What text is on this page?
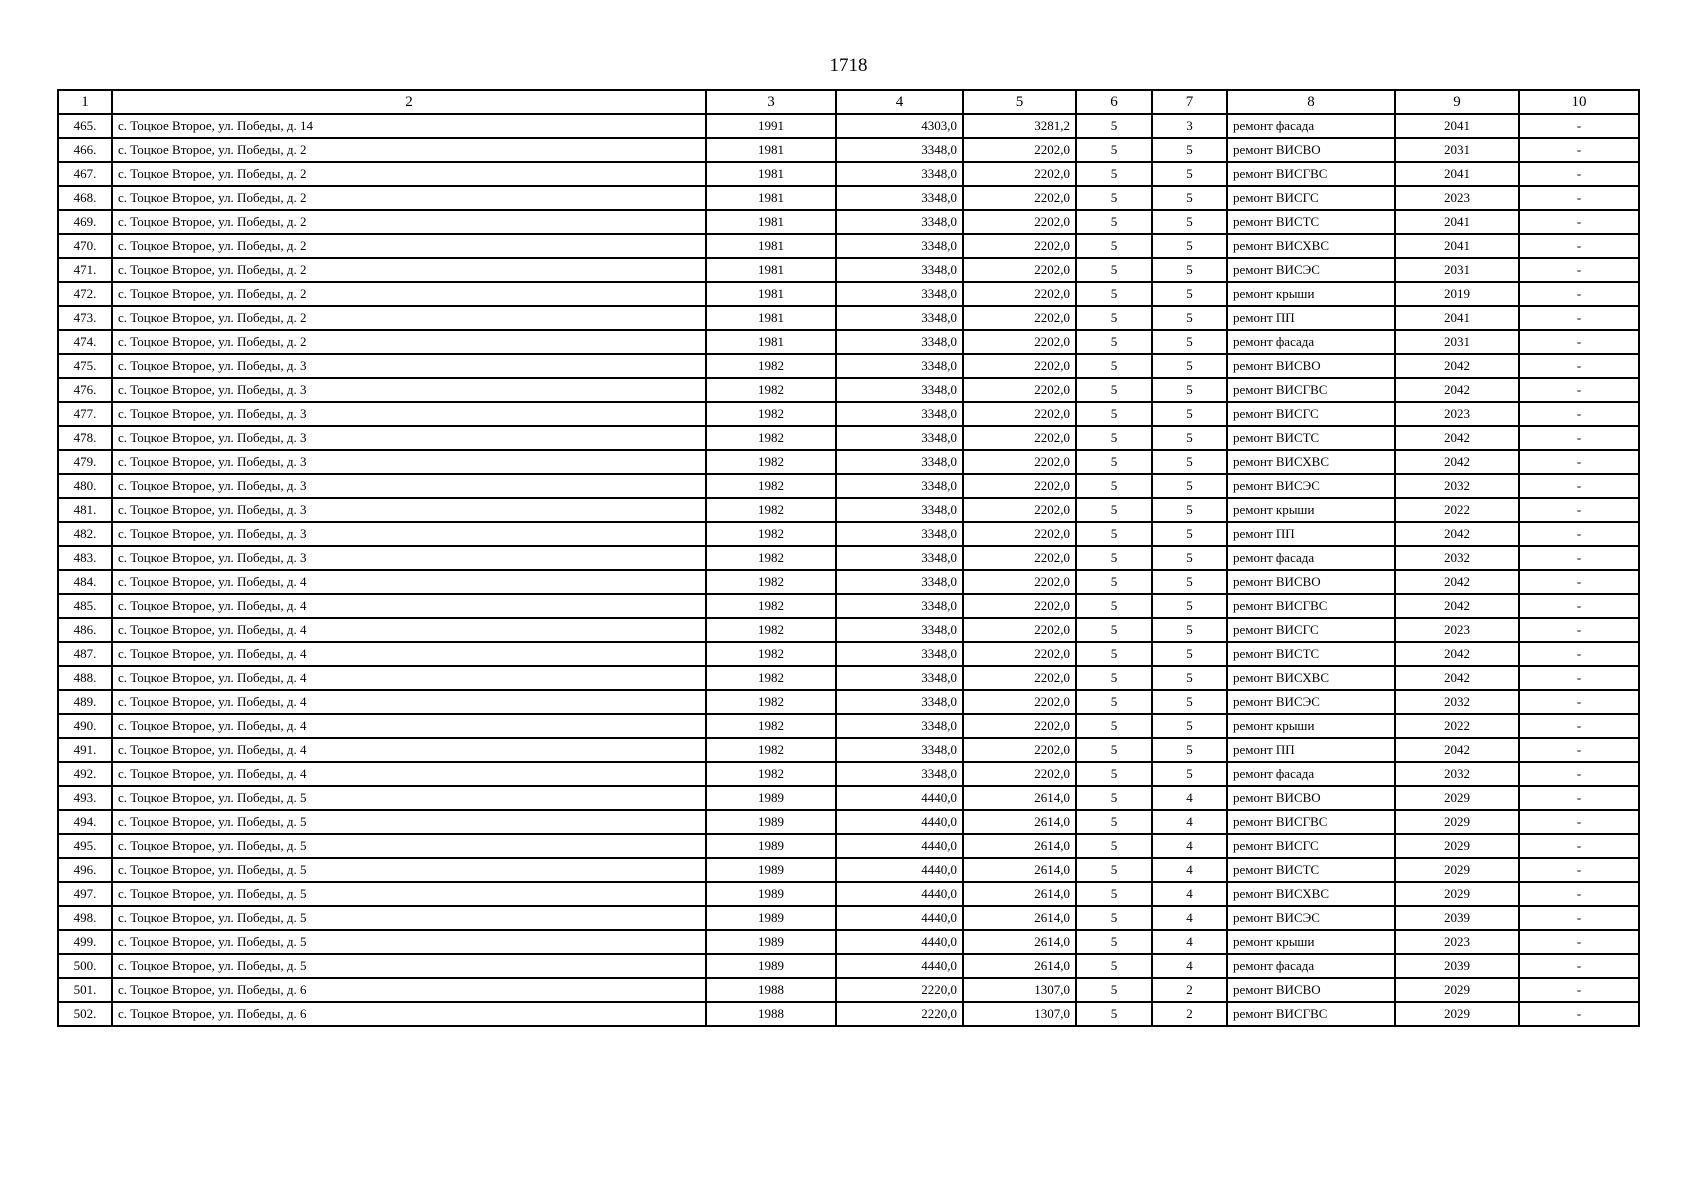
1718
1	2	3	4	5	6	7	8	9	10
465.	с. Тоцкое Второе, ул. Победы, д. 14	1991	4303,0	3281,2	5	3	ремонт фасада	2041	-
466.	с. Тоцкое Второе, ул. Победы, д. 2	1981	3348,0	2202,0	5	5	ремонт ВИСВО	2031	-
467.	с. Тоцкое Второе, ул. Победы, д. 2	1981	3348,0	2202,0	5	5	ремонт ВИСГВС	2041	-
468.	с. Тоцкое Второе, ул. Победы, д. 2	1981	3348,0	2202,0	5	5	ремонт ВИСГС	2023	-
469.	с. Тоцкое Второе, ул. Победы, д. 2	1981	3348,0	2202,0	5	5	ремонт ВИСТС	2041	-
470.	с. Тоцкое Второе, ул. Победы, д. 2	1981	3348,0	2202,0	5	5	ремонт ВИСХВС	2041	-
471.	с. Тоцкое Второе, ул. Победы, д. 2	1981	3348,0	2202,0	5	5	ремонт ВИСЭС	2031	-
472.	с. Тоцкое Второе, ул. Победы, д. 2	1981	3348,0	2202,0	5	5	ремонт крыши	2019	-
473.	с. Тоцкое Второе, ул. Победы, д. 2	1981	3348,0	2202,0	5	5	ремонт ПП	2041	-
474.	с. Тоцкое Второе, ул. Победы, д. 2	1981	3348,0	2202,0	5	5	ремонт фасада	2031	-
475.	с. Тоцкое Второе, ул. Победы, д. 3	1982	3348,0	2202,0	5	5	ремонт ВИСВО	2042	-
476.	с. Тоцкое Второе, ул. Победы, д. 3	1982	3348,0	2202,0	5	5	ремонт ВИСГВС	2042	-
477.	с. Тоцкое Второе, ул. Победы, д. 3	1982	3348,0	2202,0	5	5	ремонт ВИСГС	2023	-
478.	с. Тоцкое Второе, ул. Победы, д. 3	1982	3348,0	2202,0	5	5	ремонт ВИСТС	2042	-
479.	с. Тоцкое Второе, ул. Победы, д. 3	1982	3348,0	2202,0	5	5	ремонт ВИСХВС	2042	-
480.	с. Тоцкое Второе, ул. Победы, д. 3	1982	3348,0	2202,0	5	5	ремонт ВИСЭС	2032	-
481.	с. Тоцкое Второе, ул. Победы, д. 3	1982	3348,0	2202,0	5	5	ремонт крыши	2022	-
482.	с. Тоцкое Второе, ул. Победы, д. 3	1982	3348,0	2202,0	5	5	ремонт ПП	2042	-
483.	с. Тоцкое Второе, ул. Победы, д. 3	1982	3348,0	2202,0	5	5	ремонт фасада	2032	-
484.	с. Тоцкое Второе, ул. Победы, д. 4	1982	3348,0	2202,0	5	5	ремонт ВИСВО	2042	-
485.	с. Тоцкое Второе, ул. Победы, д. 4	1982	3348,0	2202,0	5	5	ремонт ВИСГВС	2042	-
486.	с. Тоцкое Второе, ул. Победы, д. 4	1982	3348,0	2202,0	5	5	ремонт ВИСГС	2023	-
487.	с. Тоцкое Второе, ул. Победы, д. 4	1982	3348,0	2202,0	5	5	ремонт ВИСТС	2042	-
488.	с. Тоцкое Второе, ул. Победы, д. 4	1982	3348,0	2202,0	5	5	ремонт ВИСХВС	2042	-
489.	с. Тоцкое Второе, ул. Победы, д. 4	1982	3348,0	2202,0	5	5	ремонт ВИСЭС	2032	-
490.	с. Тоцкое Второе, ул. Победы, д. 4	1982	3348,0	2202,0	5	5	ремонт крыши	2022	-
491.	с. Тоцкое Второе, ул. Победы, д. 4	1982	3348,0	2202,0	5	5	ремонт ПП	2042	-
492.	с. Тоцкое Второе, ул. Победы, д. 4	1982	3348,0	2202,0	5	5	ремонт фасада	2032	-
493.	с. Тоцкое Второе, ул. Победы, д. 5	1989	4440,0	2614,0	5	4	ремонт ВИСВО	2029	-
494.	с. Тоцкое Второе, ул. Победы, д. 5	1989	4440,0	2614,0	5	4	ремонт ВИСГВС	2029	-
495.	с. Тоцкое Второе, ул. Победы, д. 5	1989	4440,0	2614,0	5	4	ремонт ВИСГС	2029	-
496.	с. Тоцкое Второе, ул. Победы, д. 5	1989	4440,0	2614,0	5	4	ремонт ВИСТС	2029	-
497.	с. Тоцкое Второе, ул. Победы, д. 5	1989	4440,0	2614,0	5	4	ремонт ВИСХВС	2029	-
498.	с. Тоцкое Второе, ул. Победы, д. 5	1989	4440,0	2614,0	5	4	ремонт ВИСЭС	2039	-
499.	с. Тоцкое Второе, ул. Победы, д. 5	1989	4440,0	2614,0	5	4	ремонт крыши	2023	-
500.	с. Тоцкое Второе, ул. Победы, д. 5	1989	4440,0	2614,0	5	4	ремонт фасада	2039	-
501.	с. Тоцкое Второе, ул. Победы, д. 6	1988	2220,0	1307,0	5	2	ремонт ВИСВО	2029	-
502.	с. Тоцкое Второе, ул. Победы, д. 6	1988	2220,0	1307,0	5	2	ремонт ВИСГВС	2029	-
